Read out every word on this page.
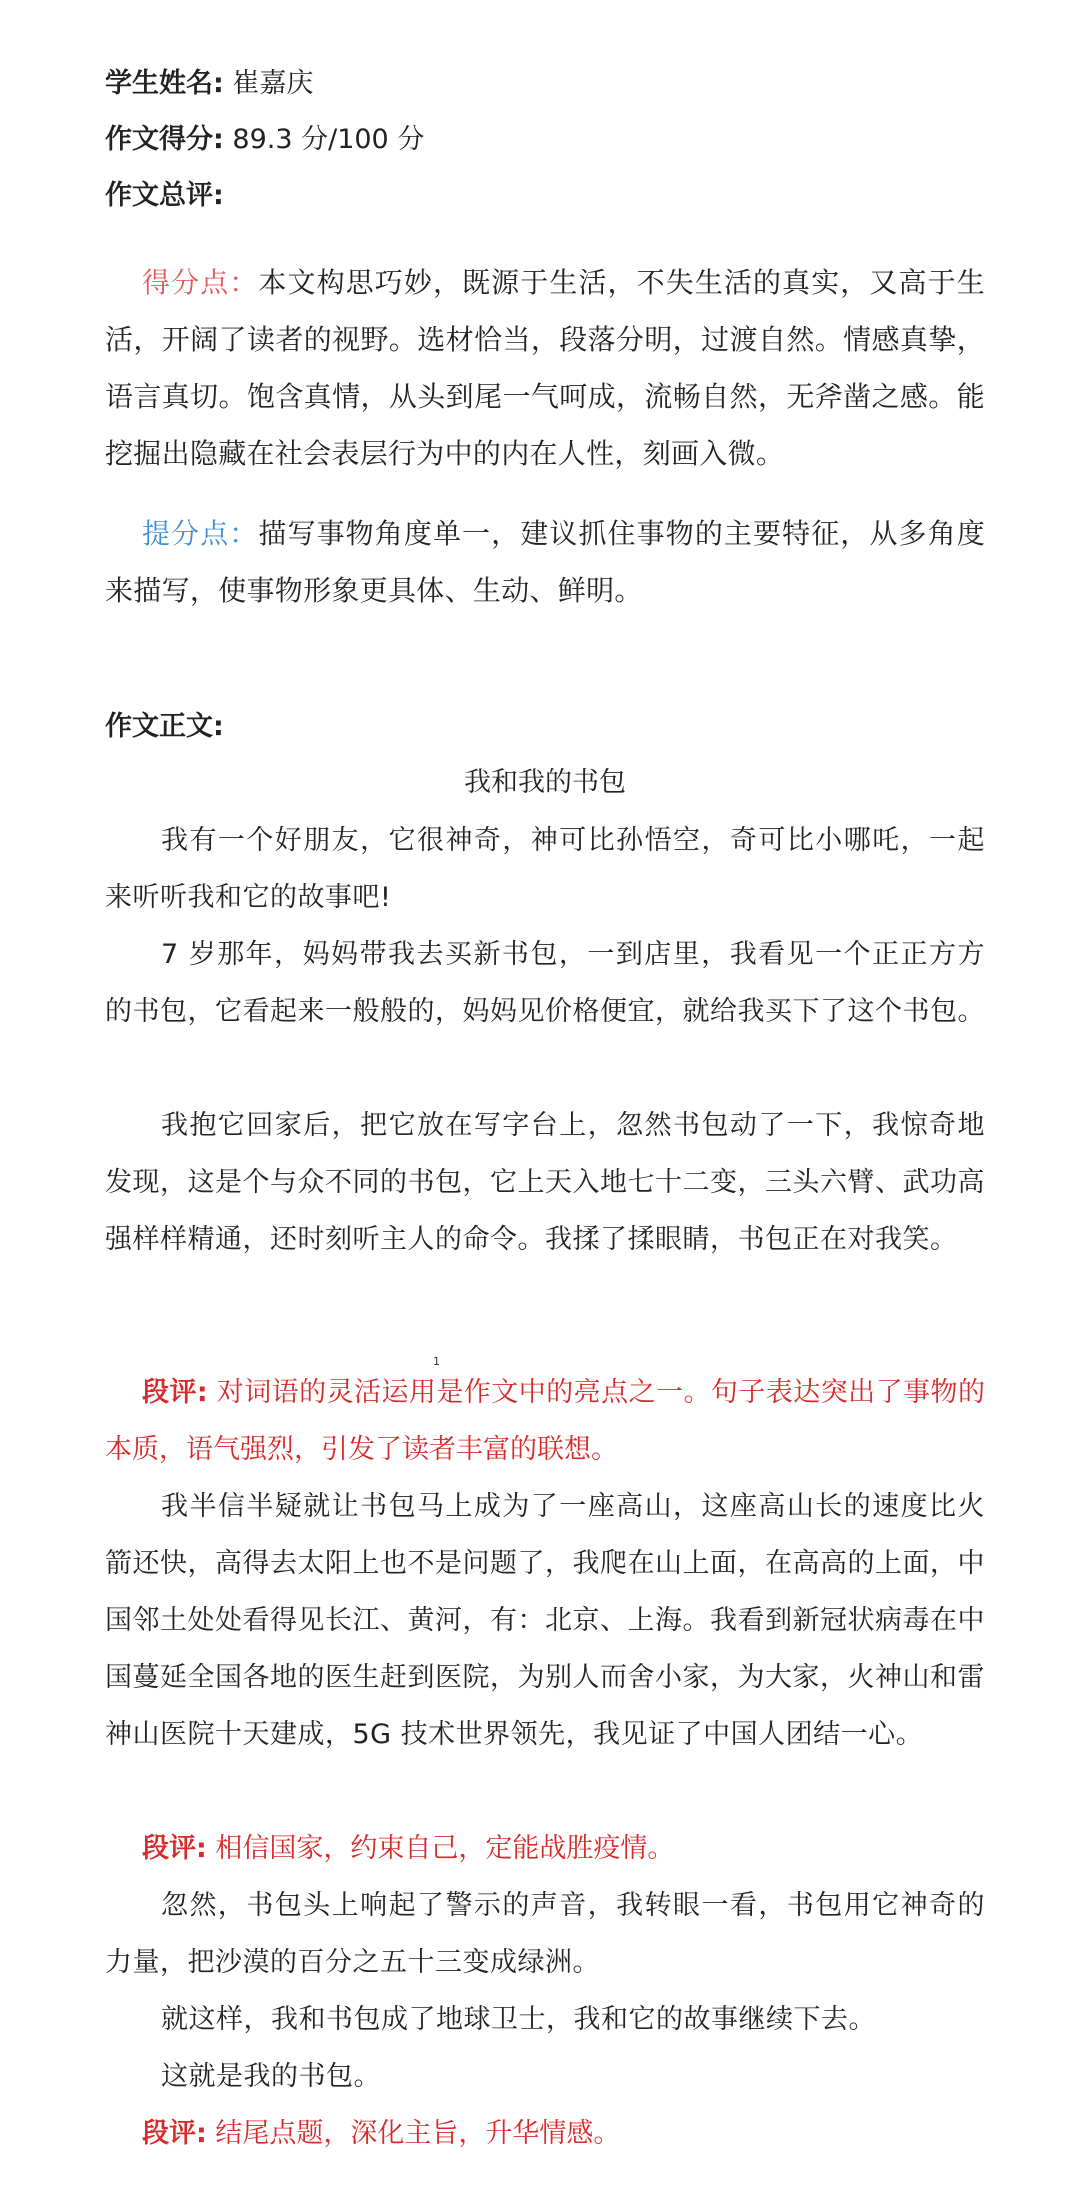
学生姓名: 崔嘉庆
作文得分: 89.3 分/100 分
作文总评:
得分点：本文构思巧妙，既源于生活，不失生活的真实，又高于生活，开阔了读者的视野。选材恰当，段落分明，过渡自然。情感真挚，语言真切。饱含真情，从头到尾一气呵成，流畅自然，无斧凿之感。能挖掘出隐藏在社会表层行为中的内在人性，刻画入微。
提分点：描写事物角度单一，建议抓住事物的主要特征，从多角度来描写，使事物形象更具体、生动、鲜明。
作文正文:
我和我的书包
我有一个好朋友，它很神奇，神可比孙悟空，奇可比小哪吒，一起来听听我和它的故事吧!
7 岁那年，妈妈带我去买新书包，一到店里，我看见一个正正方方的书包，它看起来一般般的，妈妈见价格便宜，就给我买下了这个书包。
我抱它回家后，把它放在写字台上，忽然书包动了一下，我惊奇地发现，这是个与众不同的书包，它上天入地七十二变，三头六臂、武功高强样样精通，还时刻听主人的命令。我揉了揉眼睛，书包正在对我笑。
段评: 对词语的灵活运用是作文中的亮点之一。句子表达突出了事物的本质，语气强烈，引发了读者丰富的联想。
我半信半疑就让书包马上成为了一座高山，这座高山长的速度比火箭还快，高得去太阳上也不是问题了，我爬在山上面，在高高的上面，中国邻土处处看得见长江、黄河，有：北京、上海。我看到新冠状病毒在中国蔓延全国各地的医生赶到医院，为别人而舍小家，为大家，火神山和雷神山医院十天建成，5G 技术世界领先，我见证了中国人团结一心。
段评: 相信国家，约束自己，定能战胜疫情。
忽然，书包头上响起了警示的声音，我转眼一看，书包用它神奇的力量，把沙漠的百分之五十三变成绿洲。
就这样，我和书包成了地球卫士，我和它的故事继续下去。
这就是我的书包。
段评: 结尾点题，深化主旨，升华情感。
1
